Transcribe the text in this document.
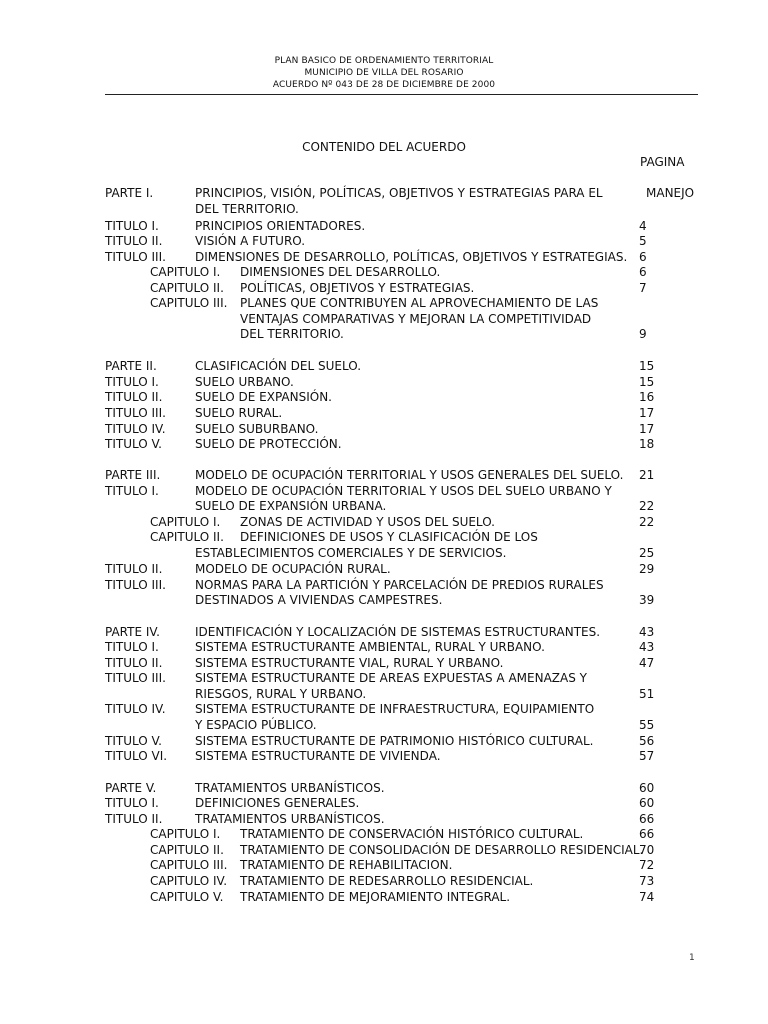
PLAN BASICO DE ORDENAMIENTO TERRITORIAL
MUNICIPIO DE VILLA DEL ROSARIO
ACUERDO Nº 043 DE 28 DE DICIEMBRE DE 2000
CONTENIDO DEL ACUERDO
PAGINA
PARTE I.	PRINCIPIOS, VISIÓN, POLÍTICAS, OBJETIVOS Y ESTRATEGIAS PARA EL	MANEJO
DEL TERRITORIO.
TITULO I.	PRINCIPIOS ORIENTADORES.	4
TITULO II.	VISIÓN A FUTURO.	5
TITULO III. DIMENSIONES DE DESARROLLO, POLÍTICAS, OBJETIVOS Y ESTRATEGIAS. 6
CAPITULO I. DIMENSIONES DEL DESARROLLO.	6
CAPITULO II. POLÍTICAS, OBJETIVOS Y ESTRATEGIAS.	7
CAPITULO III. PLANES QUE CONTRIBUYEN AL APROVECHAMIENTO DE LAS
VENTAJAS COMPARATIVAS Y MEJORAN LA COMPETITIVIDAD
DEL TERRITORIO.	9
PARTE II.	CLASIFICACIÓN DEL SUELO.	15
TITULO I.	SUELO URBANO.	15
TITULO II.	SUELO DE EXPANSIÓN.	16
TITULO III. SUELO RURAL.	17
TITULO IV. SUELO SUBURBANO.	17
TITULO V.	SUELO DE PROTECCIÓN.	18
PARTE III.	MODELO DE OCUPACIÓN TERRITORIAL Y USOS GENERALES DEL SUELO. 21
TITULO I.	MODELO DE OCUPACIÓN TERRITORIAL Y USOS DEL SUELO URBANO Y
SUELO DE EXPANSIÓN URBANA.	22
CAPITULO I. ZONAS DE ACTIVIDAD Y USOS DEL SUELO.	22
CAPITULO II. DEFINICIONES DE USOS Y CLASIFICACIÓN DE LOS
ESTABLECIMIENTOS COMERCIALES Y DE SERVICIOS.	25
TITULO II.	MODELO DE OCUPACIÓN RURAL.	29
TITULO III. NORMAS PARA LA PARTICIÓN Y PARCELACIÓN DE PREDIOS RURALES
DESTINADOS A VIVIENDAS CAMPESTRES.	39
PARTE IV.	IDENTIFICACIÓN Y LOCALIZACIÓN DE SISTEMAS ESTRUCTURANTES.	43
TITULO I.	SISTEMA ESTRUCTURANTE AMBIENTAL, RURAL Y URBANO.	43
TITULO II.	SISTEMA ESTRUCTURANTE VIAL, RURAL Y URBANO.	47
TITULO III. SISTEMA ESTRUCTURANTE DE AREAS EXPUESTAS A AMENAZAS Y
RIESGOS, RURAL Y URBANO.	51
TITULO IV. SISTEMA ESTRUCTURANTE DE INFRAESTRUCTURA, EQUIPAMIENTO
Y ESPACIO PÚBLICO.	55
TITULO V.	SISTEMA ESTRUCTURANTE DE PATRIMONIO HISTÓRICO CULTURAL.	56
TITULO VI. SISTEMA ESTRUCTURANTE DE VIVIENDA.	57
PARTE V.	TRATAMIENTOS URBANÍSTICOS.	60
TITULO I.	DEFINICIONES GENERALES.	60
TITULO II.	TRATAMIENTOS URBANÍSTICOS.	66
CAPITULO I. TRATAMIENTO DE CONSERVACIÓN HISTÓRICO CULTURAL.	66
CAPITULO II. TRATAMIENTO DE CONSOLIDACIÓN DE DESARROLLO RESIDENCIAL.
70
CAPITULO III. TRATAMIENTO DE REHABILITACION.	72
CAPITULO IV. TRATAMIENTO DE REDESARROLLO RESIDENCIAL.	73
CAPITULO V. TRATAMIENTO DE MEJORAMIENTO INTEGRAL.	74
1
